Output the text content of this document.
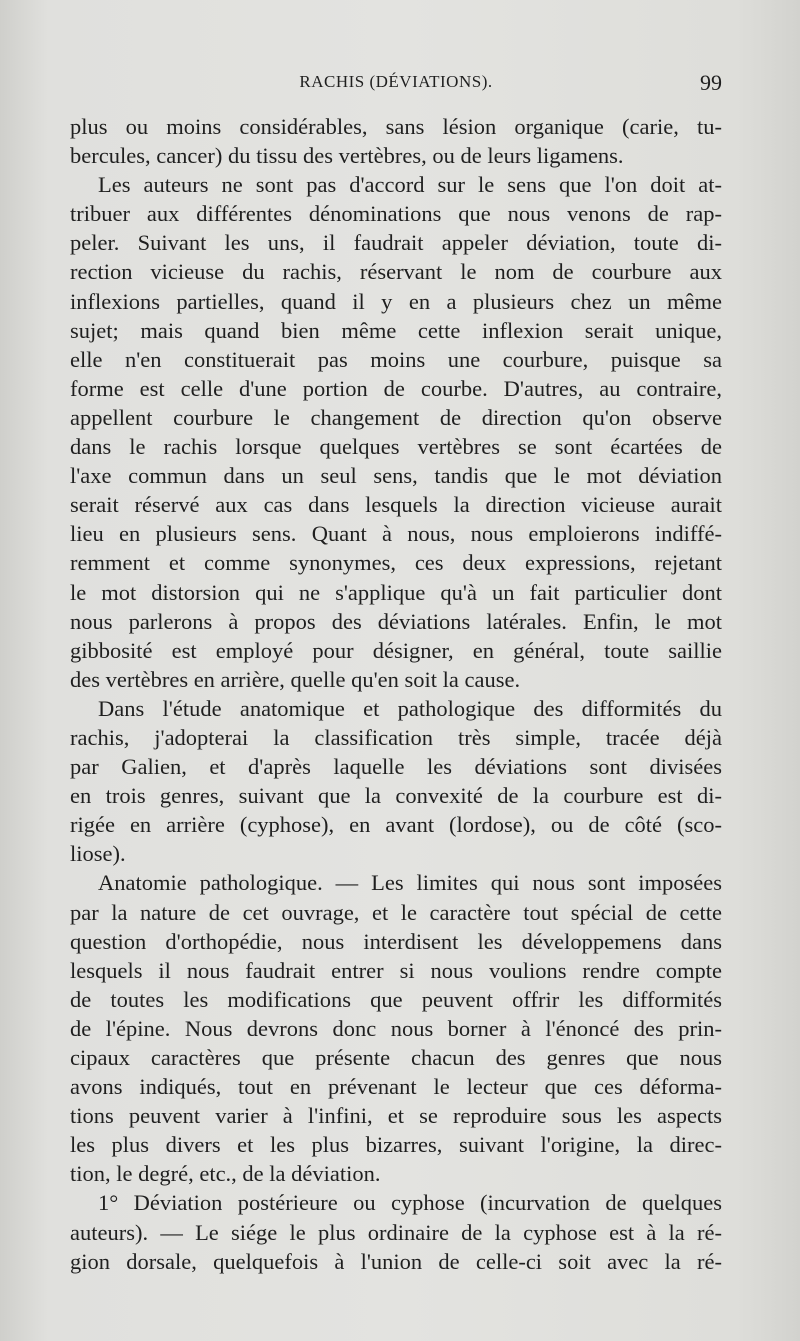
RACHIS (DÉVIATIONS).	99
plus ou moins considérables, sans lésion organique (carie, tu-
bercules, cancer) du tissu des vertèbres, ou de leurs ligamens.
Les auteurs ne sont pas d'accord sur le sens que l'on doit at-
tribuer aux différentes dénominations que nous venons de rap-
peler. Suivant les uns, il faudrait appeler déviation, toute di-
rection vicieuse du rachis, réservant le nom de courbure aux
inflexions partielles, quand il y en a plusieurs chez un même
sujet; mais quand bien même cette inflexion serait unique,
elle n'en constituerait pas moins une courbure, puisque sa
forme est celle d'une portion de courbe. D'autres, au contraire,
appellent courbure le changement de direction qu'on observe
dans le rachis lorsque quelques vertèbres se sont écartées de
l'axe commun dans un seul sens, tandis que le mot déviation
serait réservé aux cas dans lesquels la direction vicieuse aurait
lieu en plusieurs sens. Quant à nous, nous emploierons indiffé-
remment et comme synonymes, ces deux expressions, rejetant
le mot distorsion qui ne s'applique qu'à un fait particulier dont
nous parlerons à propos des déviations latérales. Enfin, le mot
gibbosité est employé pour désigner, en général, toute saillie
des vertèbres en arrière, quelle qu'en soit la cause.
Dans l'étude anatomique et pathologique des difformités du
rachis, j'adopterai la classification très simple, tracée déjà
par Galien, et d'après laquelle les déviations sont divisées
en trois genres, suivant que la convexité de la courbure est di-
rigée en arrière (cyphose), en avant (lordose), ou de côté (sco-
liose).
Anatomie pathologique. — Les limites qui nous sont imposées
par la nature de cet ouvrage, et le caractère tout spécial de cette
question d'orthopédie, nous interdisent les développemens dans
lesquels il nous faudrait entrer si nous voulions rendre compte
de toutes les modifications que peuvent offrir les difformités
de l'épine. Nous devrons donc nous borner à l'énoncé des prin-
cipaux caractères que présente chacun des genres que nous
avons indiqués, tout en prévenant le lecteur que ces déforma-
tions peuvent varier à l'infini, et se reproduire sous les aspects
les plus divers et les plus bizarres, suivant l'origine, la direc-
tion, le degré, etc., de la déviation.
1° Déviation postérieure ou cyphose (incurvation de quelques
auteurs). — Le siége le plus ordinaire de la cyphose est à la ré-
gion dorsale, quelquefois à l'union de celle-ci soit avec la ré-
